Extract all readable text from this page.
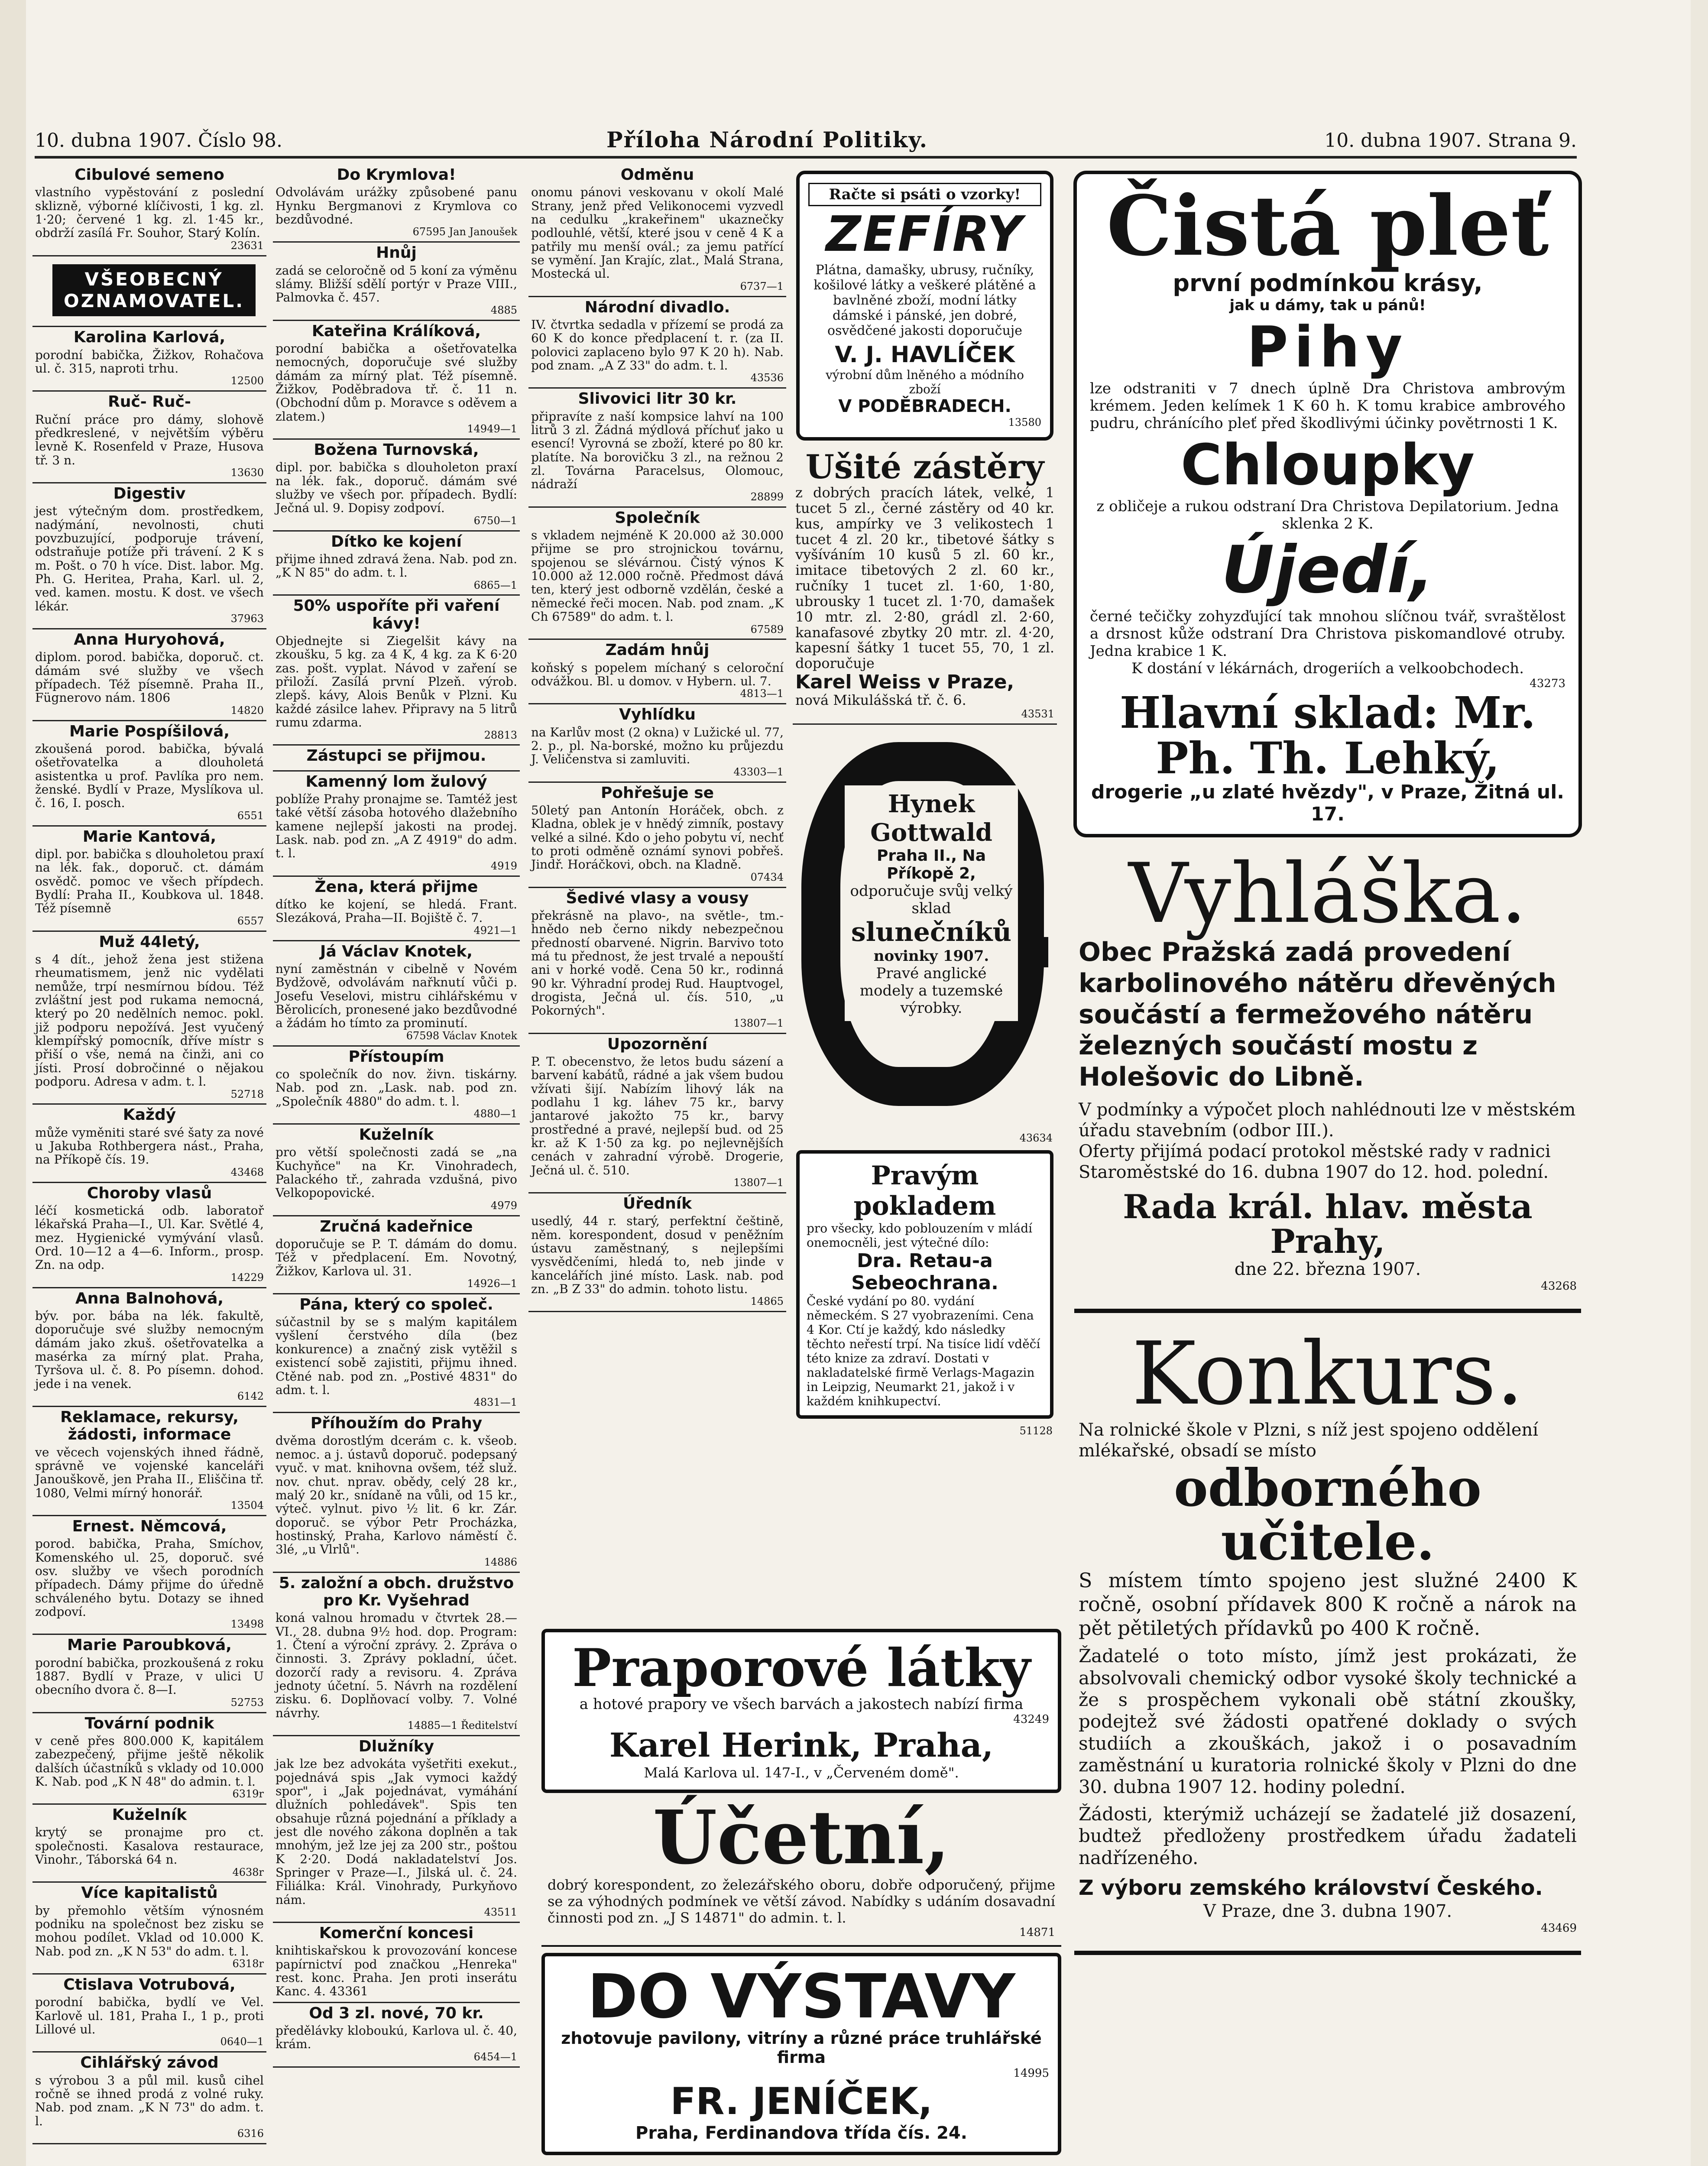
10. dubna 1907. Číslo 98.	Příloha Národní Politiky.	10. dubna 1907. Strana 9.
Cibulové semeno
vlastního vypěstování z poslední sklizně, výborné klíčivosti, 1 kg. zl. 1·20; červené 1 kg. zl. 1·45 kr., obdrží zasílá Fr. Souhor, Starý Kolín.
23631
VŠEOBECNÝ OZNAMOVATEL.
Karolina Karlová,
porodní babička, Žižkov, Rohačova ul. č. 315, naproti trhu.
12500
Ruč- Ruč-
Ruční práce pro dámy, slohově předkreslené, v největším výběru levně K. Rosenfeld v Praze, Husova tř. 3 n.
13630
Digestiv
jest výtečným dom. prostředkem, nadýmání, nevolnosti, chuti povzbuzující, podporuje trávení, odstraňuje potíže při trávení. 2 K s m. Pošt. o 70 h více. Dist. labor. Mg. Ph. G. Heritea, Praha, Karl. ul. 2, ved. kamen. mostu. K dost. ve všech lékár.
37963
Anna Huryohová,
diplom. porod. babička, doporuč. ct. dámám své služby ve všech případech. Též písemně. Praha II., Fügnerovo nám. 1806
14820
Marie Pospíšilová,
zkoušená porod. babička, bývalá ošetřovatelka a dlouholetá asistentka u prof. Pavlíka pro nem. ženské. Bydlí v Praze, Myslíkova ul. č. 16, I. posch.
6551
Marie Kantová,
dipl. por. babička s dlouholetou praxí na lék. fak., doporuč. ct. dámám osvědč. pomoc ve všech přípdech. Bydlí: Praha II., Koubkova ul. 1848. Též písemně
6557
Muž 44letý,
s 4 dít., jehož žena jest stižena rheumatismem, jenž nic vydělati nemůže, trpí nesmírnou bídou. Též zvláštní jest pod rukama nemocná, který po 20 nedělních nemoc. pokl. již podporu nepožívá. Jest vyučený klempířský pomocník, dříve místr s přiší o vše, nemá na činži, ani co jísti. Prosí dobročinné o nějakou podporu. Adresa v adm. t. l.
52718
Každý
může vyměniti staré své šaty za nové u Jakuba Rothbergera nást., Praha, na Příkopě čís. 19.
43468
Choroby vlasů
léčí kosmetická odb. laboratoř lékařská Praha—I., Ul. Kar. Světlé 4, mez. Hygienické vymývání vlasů. Ord. 10—12 a 4—6. Inform., prosp. Zn. na odp.
14229
Anna Balnohová,
býv. por. bába na lék. fakultě, doporučuje své služby nemocným dámám jako zkuš. ošetřovatelka a masérka za mírný plat. Praha, Tyršova ul. č. 8. Po písemn. dohod. jede i na venek.
6142
Reklamace, rekursy, žádosti, informace
ve věcech vojenských ihned řádně, správně ve vojenské kanceláři Janouškově, jen Praha II., Eliščina tř. 1080, Velmi mírný honorář.
13504
Ernest. Němcová,
porod. babička, Praha, Smíchov, Komenského ul. 25, doporuč. své osv. služby ve všech porodních případech. Dámy přijme do úředně schváleného bytu. Dotazy se ihned zodpoví.
13498
Marie Paroubková,
porodní babička, prozkoušená z roku 1887. Bydlí v Praze, v ulici U obecního dvora č. 8—I.
52753
Tovární podnik
v ceně přes 800.000 K, kapitálem zabezpečený, přijme ještě několik dalších účastníků s vklady od 10.000 K. Nab. pod „K N 48" do admin. t. l.
6319r
Kuželník
krytý se pronajme pro ct. společnosti. Kasalova restaurace, Vinohr., Táborská 64 n.
4638r
Více kapitalistů
by přemohlo větším výnosném podniku na společnost bez zisku se mohou podílet. Vklad od 10.000 K. Nab. pod zn. „K N 53" do adm. t. l.
6318r
Ctislava Votrubová,
porodní babička, bydlí ve Vel. Karlově ul. 181, Praha I., 1 p., proti Lillové ul.
0640—1
Cihlářský závod
s výrobou 3 a půl mil. kusů cihel ročně se ihned prodá z volné ruky. Nab. pod znam. „K N 73" do adm. t. l.
6316
Do Krymlova!
Odvolávám urážky způsobené panu Hynku Bergmanovi z Krymlova co bezdůvodné.
67595 Jan Janoušek
Hnůj
zadá se celoročně od 5 koní za výměnu slámy. Bližší sdělí portýr v Praze VIII., Palmovka č. 457.
4885
Kateřina Králíková,
porodní babička a ošetřovatelka nemocných, doporučuje své služby dámám za mírný plat. Též písemně. Žižkov, Poděbradova tř. č. 11 n. (Obchodní dům p. Moravce s oděvem a zlatem.)
14949—1
Božena Turnovská,
dipl. por. babička s dlouholeton praxí na lék. fak., doporuč. dámám své služby ve všech por. případech. Bydlí: Ječná ul. 9. Dopisy zodpoví.
6750—1
Dítko ke kojení
přijme ihned zdravá žena. Nab. pod zn. „K N 85" do adm. t. l.
6865—1
50% uspoříte při vaření kávy!
Objednejte si Ziegelšit kávy na zkoušku, 5 kg. za 4 K, 4 kg. za K 6·20 zas. pošt. vyplat. Návod v zaření se přiloží. Zasílá první Plzeň. výrob. zlepš. kávy, Alois Benůk v Plzni. Ku každé zásilce lahev. Připravy na 5 litrů rumu zdarma.
28813
Zástupci se přijmou.
Kamenný lom žulový
poblíže Prahy pronajme se. Tamtéž jest také větší zásoba hotového dlažebního kamene nejlepší jakosti na prodej. Lask. nab. pod zn. „A Z 4919" do adm. t. l.
4919
Žena, která přijme
dítko ke kojení, se hledá. Frant. Slezáková, Praha—II. Bojiště č. 7.
4921—1
Já Václav Knotek,
nyní zaměstnán v cibelně v Novém Bydžově, odvolávám nařknutí vůči p. Josefu Veselovi, mistru cihlářskému v Běrolicích, pronesené jako bezdůvodné a žádám ho tímto za prominutí.
67598 Václav Knotek
Přístoupím
co společník do nov. živn. tiskárny. Nab. pod zn. „Lask. nab. pod zn. „Společník 4880" do adm. t. l.
4880—1
Kuželník
pro větší společnosti zadá se „na Kuchyňce" na Kr. Vinohradech, Palackého tř., zahrada vzdušná, pivo Velkopopovické.
4979
Zručná kadeřnice
doporučuje se P. T. dámám do domu. Též v předplacení. Em. Novotný, Žižkov, Karlova ul. 31.
14926—1
Pána, který co společ.
súčastnil by se s malým kapitálem vyšlení čerstvého díla (bez konkurence) a značný zisk vytěžil s existencí sobě zajistiti, přijmu ihned. Ctěné nab. pod zn. „Postivé 4831" do adm. t. l.
4831—1
Příhoužím do Prahy
dvěma dorostlým dcerám c. k. všeob. nemoc. a j. ústavů doporuč. podepsaný vyuč. v mat. knihovna ovšem, též služ. nov. chut. nprav. obědy, celý 28 kr., malý 20 kr., snídaně na vůli, od 15 kr., výteč. vylnut. pivo ½ lit. 6 kr. Zár. doporuč. se výbor Petr Procházka, hostinský, Praha, Karlovo náměstí č. 3lé, „u Vlrlů".
14886
5. založní a obch. družstvo pro Kr. Vyšehrad
koná valnou hromadu v čtvrtek 28.—VI., 28. dubna 9½ hod. dop. Program: 1. Čtení a výroční zprávy. 2. Zpráva o činnosti. 3. Zprávy pokladní, účet. dozorčí rady a revisoru. 4. Zpráva jednoty účetní. 5. Návrh na rozdělení zisku. 6. Doplňovací volby. 7. Volné návrhy.
14885—1 Ředitelství
Dlužníky
jak lze bez advokáta vyšetřiti exekut., pojednává spis „Jak vymoci každý spor", i „Jak pojednávat, vymáhání dlužních pohledávek". Spis ten obsahuje různá pojednání a příklady a jest dle nového zákona doplněn a tak mnohým, jež lze jej za 200 str., poštou K 2·20. Dodá nakladatelství Jos. Springer v Praze—I., Jilská ul. č. 24. Filiálka: Král. Vinohrady, Purkyňovo nám.
43511
Komerční koncesi
knihtiskařskou k provozování koncese papírnictví pod značkou „Henreka" rest. konc. Praha. Jen proti inserátu Kanc. 4. 43361
Od 3 zl. nové, 70 kr.
předělávky kloboukú, Karlova ul. č. 40, krám.
6454—1
Odměnu
onomu pánovi veskovanu v okolí Malé Strany, jenž před Velikonocemi vyzvedl na cedulku „krakeřinem" ukaznečky podlouhlé, větší, které jsou v ceně 4 K a patřily mu menší ovál.; za jemu patřící se vymění. Jan Krajíc, zlat., Malá Strana, Mostecká ul.
6737—1
Národní divadlo.
IV. čtvrtka sedadla v přízemí se prodá za 60 K do konce předplacení t. r. (za II. polovici zaplaceno bylo 97 K 20 h). Nab. pod znam. „A Z 33" do adm. t. l.
43536
Slivovici litr 30 kr.
připravíte z naší kompsice lahví na 100 litrů 3 zl. Žádná mýdlová příchuť jako u esencí! Vyrovná se zboží, které po 80 kr. platíte. Na borovičku 3 zl., na režnou 2 zl. Továrna Paracelsus, Olomouc, nádraží
28899
Společník
s vkladem nejméně K 20.000 až 30.000 přijme se pro strojnickou továrnu, spojenou se slévárnou. Čistý výnos K 10.000 až 12.000 ročně. Předmost dává ten, který jest odborně vzdělán, české a německé řeči mocen. Nab. pod znam. „K Ch 67589" do adm. t. l.
67589
Zadám hnůj
koňský s popelem míchaný s celoroční odvážkou. Bl. u domov. v Hybern. ul. 7.
4813—1
Vyhlídku
na Karlův most (2 okna) v Lužické ul. 77, 2. p., pl. Na-borské, možno ku průjezdu J. Veličenstva si zamluviti.
43303—1
Pohřešuje se
50letý pan Antonín Horáček, obch. z Kladna, oblek je v hnědý zimník, postavy velké a silné. Kdo o jeho pobytu ví, nechť to proti odměně oznámí synovi pobřeš. Jindř. Horáčkovi, obch. na Kladně.
07434
Šedivé vlasy a vousy
překrásně na plavo-, na světle-, tm.-hnědo neb černo nikdy nebezpečnou předností obarvené. Nigrin. Barvivo toto má tu přednost, že jest trvalé a nepouští ani v horké vodě. Cena 50 kr., rodinná 90 kr. Výhradní prodej Rud. Hauptvogel, drogista, Ječná ul. čís. 510, „u Pokorných".
13807—1
Upozornění
P. T. obecenstvo, že letos budu sázení a barvení kabátů, rádné a jak všem budou vžívati šijí. Nabízím lihový lák na podlahu 1 kg. láhev 75 kr., barvy jantarové jakožto 75 kr., barvy prostředné a pravé, nejlepší bud. od 25 kr. až K 1·50 za kg. po nejlevnějších cenách v zahradní výrobě. Drogerie, Ječná ul. č. 510.
13807—1
Úředník
usedlý, 44 r. starý, perfektní češtině, něm. korespondent, dosud v peněžním ústavu zaměstnaný, s nejlepšími vysvědčeními, hledá to, neb jinde v kancelářích jiné místo. Lask. nab. pod zn. „B Z 33" do admin. tohoto listu.
14865
Račte si psáti o vzorky!
ZEFÍRY
Plátna, damašky, ubrusy, ručníky, košilové látky a veškeré plátěné a bavlněné zboží, modní látky dámské i pánské, jen dobré, osvědčené jakosti doporučuje
V. J. HAVLÍČEK
výrobní dům lněného a módního zboží
V PODĚBRADECH.
13580
Ušité zástěry
z dobrých pracích látek, velké, 1 tucet 5 zl., černé zástěry od 40 kr. kus, ampírky ve 3 velikostech 1 tucet 4 zl. 20 kr., tibetové šátky s vyšíváním 10 kusů 5 zl. 60 kr., imitace tibetových 2 zl. 60 kr., ručníky 1 tucet zl. 1·60, 1·80, ubrousky 1 tucet zl. 1·70, damašek 10 mtr. zl. 2·80, grádl zl. 2·60, kanafasové zbytky 20 mtr. zl. 4·20, kapesní šátky 1 tucet 55, 70, 1 zl. doporučuje
Karel Weiss v Praze,
nová Mikulášská tř. č. 6.
43531
Hynek Gottwald
Praha II., Na Příkopě 2,
odporučuje svůj velký sklad
slunečníků
novinky 1907.
Pravé anglické modely a tuzemské výrobky.
43634
Pravým pokladem
pro všecky, kdo poblouzením v mládí onemocněli, jest výtečné dílo:
Dra. Retau-a Sebeochrana.
České vydání po 80. vydání německém. S 27 vyobrazeními. Cena 4 Kor. Ctí je každý, kdo následky těchto neřestí trpí. Na tisíce lidí vděčí této knize za zdraví. Dostati v nakladatelské firmě Verlags-Magazin in Leipzig, Neumarkt 21, jakož i v každém knihkupectví.
51128
Praporové látky
a hotové prapory ve všech barvách a jakostech nabízí firma
43249
Karel Herink, Praha,
Malá Karlova ul. 147-I., v „Červeném domě".
Účetní,
dobrý korespondent, zo železářského oboru, dobře odporučený, přijme se za výhodných podmínek ve větší závod. Nabídky s udáním dosavadní činnosti pod zn. „J S 14871" do admin. t. l.
14871
DO VÝSTAVY
zhotovuje pavilony, vitríny a různé práce truhlářské firma
14995
FR. JENÍČEK,
Praha, Ferdinandova třída čís. 24.
Čistá pleť
první podmínkou krásy,
jak u dámy, tak u pánů!
Pihy
lze odstraniti v 7 dnech úplně Dra Christova ambrovým krémem. Jeden kelímek 1 K 60 h. K tomu krabice ambrového pudru, chránícího pleť před škodlivými účinky povětrnosti 1 K.
Chloupky
z obličeje a rukou odstraní Dra Christova Depilatorium. Jedna sklenka 2 K.
Újedí,
černé tečičky zohyzďující tak mnohou slíčnou tvář, svraštělost a drsnost kůže odstraní Dra Christova piskomandlové otruby. Jedna krabice 1 K.
K dostání v lékárnách, drogeriích a velkoobchodech.
43273
Hlavní sklad: Mr. Ph. Th. Lehký,
drogerie „u zlaté hvězdy", v Praze, Žitná ul. 17.
Vyhláška.
Obec Pražská zadá provedení karbolinového nátěru dřevěných součástí a fermežového nátěru železných součástí mostu z Holešovic do Libně.
V podmínky a výpočet ploch nahlédnouti lze v městském úřadu stavebním (odbor III.).
Oferty přijímá podací protokol městské rady v radnici Staroměstské do 16. dubna 1907 do 12. hod. polední.
Rada král. hlav. města Prahy,
dne 22. března 1907.
43268
Konkurs.
Na rolnické škole v Plzni, s níž jest spojeno oddělení mlékařské, obsadí se místo
odborného učitele.
S místem tímto spojeno jest služné 2400 K ročně, osobní přídavek 800 K ročně a nárok na pět pětiletých přídavků po 400 K ročně.
Žadatelé o toto místo, jímž jest prokázati, že absolvovali chemický odbor vysoké školy technické a že s prospěchem vykonali obě státní zkoušky, podejtež své žádosti opatřené doklady o svých studiích a zkouškách, jakož i o posavadním zaměstnání u kuratoria rolnické školy v Plzni do dne 30. dubna 1907 12. hodiny polední.
Žádosti, kterýmiž ucházejí se žadatelé již dosazení, budtež předloženy prostředkem úřadu žadateli nadřízeného.
Z výboru zemského království Českého.
V Praze, dne 3. dubna 1907.
43469
